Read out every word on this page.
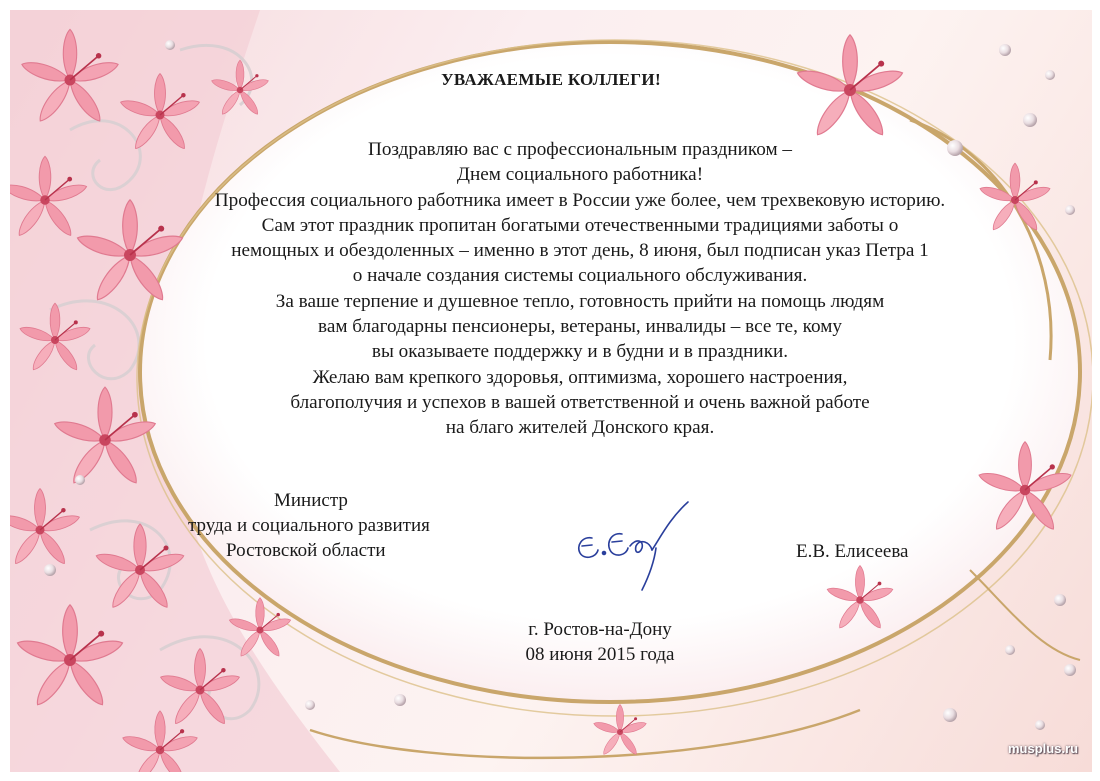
УВАЖАЕМЫЕ КОЛЛЕГИ!
Поздравляю вас с профессиональным праздником –
Днем социального работника!
Профессия социального работника имеет в России уже более, чем трехвековую историю.
Сам этот праздник пропитан богатыми отечественными традициями заботы о
немощных и обездоленных – именно в этот день, 8 июня, был подписан указ Петра 1
о начале создания системы социального обслуживания.
За ваше терпение и душевное тепло, готовность прийти на помощь людям
вам благодарны пенсионеры, ветераны, инвалиды – все те, кому
вы оказываете поддержку и в будни и в праздники.
Желаю вам крепкого здоровья, оптимизма, хорошего настроения,
благополучия и успехов в вашей ответственной и очень важной работе
на благо жителей Донского края.
Министр
труда и социального развития
Ростовской области	Е.В. Елисеева
г. Ростов-на-Дону
08 июня 2015 года
musplus.ru
